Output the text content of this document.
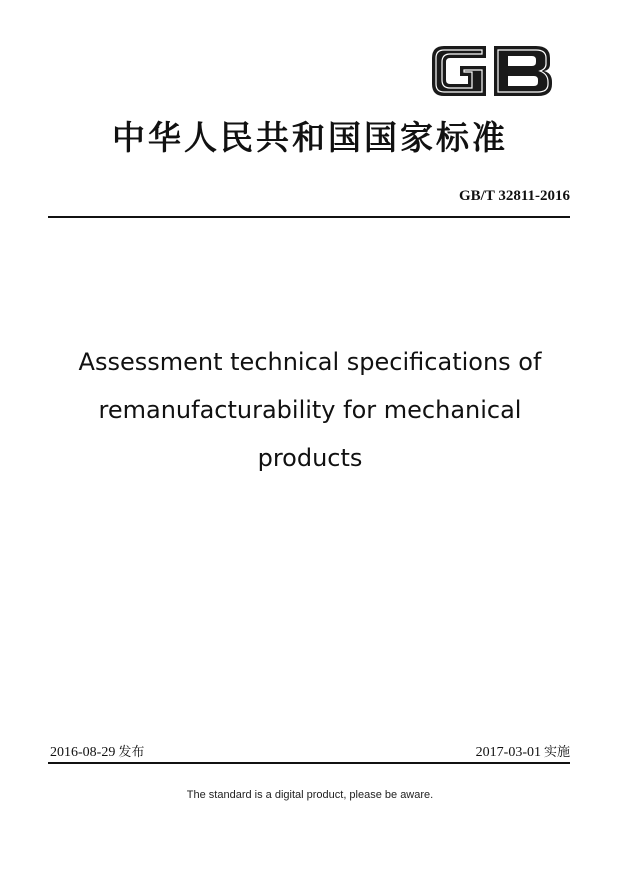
中华人民共和国国家标准
GB/T 32811-2016
Assessment technical specifications of
remanufacturability for mechanical
products
2016-08-29 发布	2017-03-01 实施
The standard is a digital product, please be aware.
